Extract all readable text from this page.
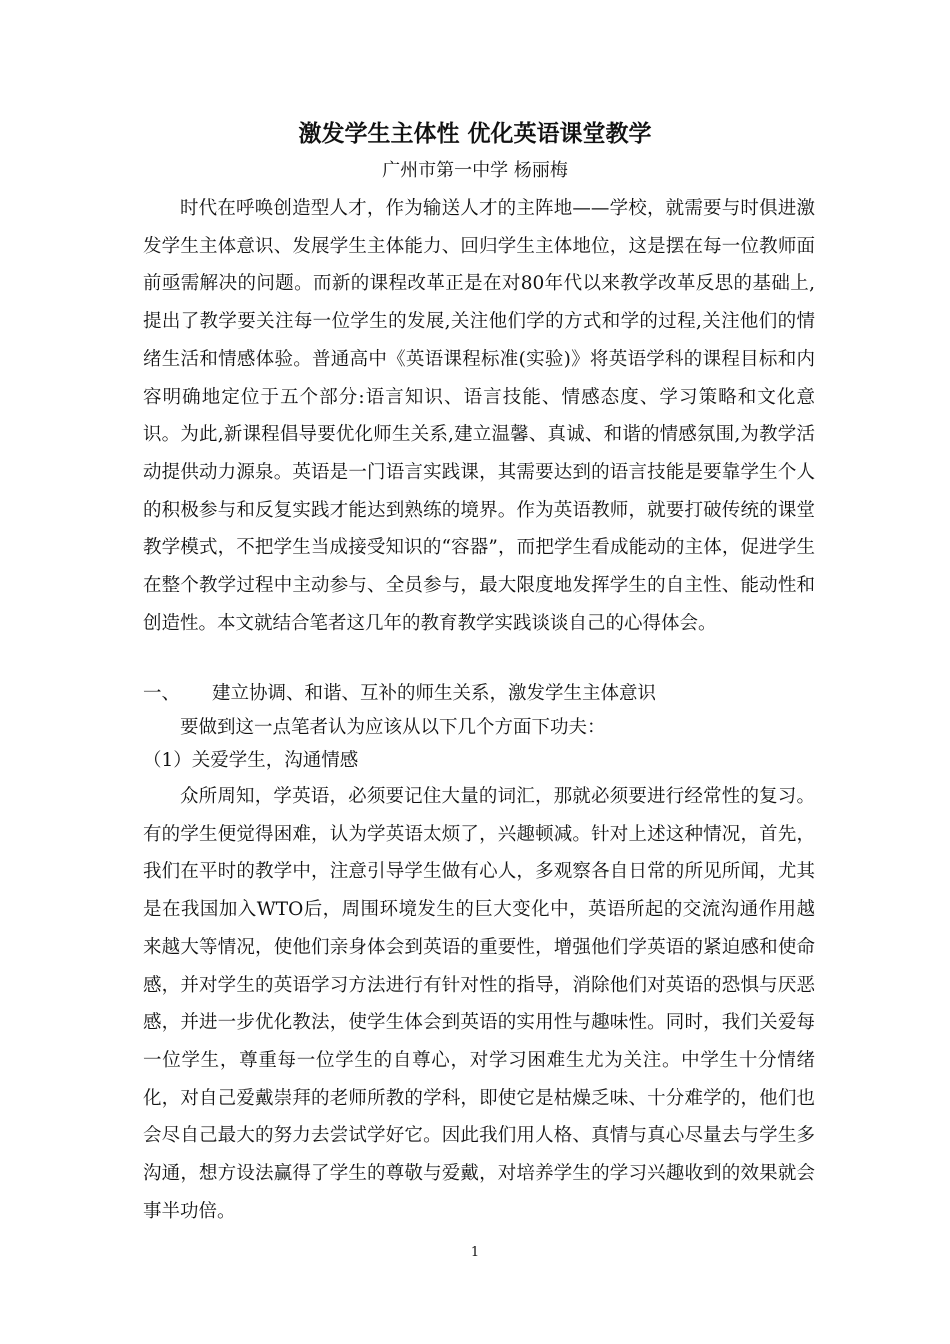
激发学生主体性 优化英语课堂教学
广州市第一中学 杨丽梅

时代在呼唤创造型人才，作为输送人才的主阵地——学校，就需要与时俱进激发学生主体意识、发展学生主体能力、回归学生主体地位，这是摆在每一位教师面前亟需解决的问题。而新的课程改革正是在对80年代以来教学改革反思的基础上,提出了教学要关注每一位学生的发展,关注他们学的方式和学的过程,关注他们的情绪生活和情感体验。普通高中《英语课程标准(实验)》将英语学科的课程目标和内容明确地定位于五个部分:语言知识、语言技能、情感态度、学习策略和文化意识。为此,新课程倡导要优化师生关系,建立温馨、真诚、和谐的情感氛围,为教学活动提供动力源泉。英语是一门语言实践课，其需要达到的语言技能是要靠学生个人的积极参与和反复实践才能达到熟练的境界。作为英语教师，就要打破传统的课堂教学模式，不把学生当成接受知识的“容器”，而把学生看成能动的主体，促进学生在整个教学过程中主动参与、全员参与，最大限度地发挥学生的自主性、能动性和创造性。本文就结合笔者这几年的教育教学实践谈谈自己的心得体会。

一、 建立协调、和谐、互补的师生关系，激发学生主体意识
要做到这一点笔者认为应该从以下几个方面下功夫：
（1）关爱学生，沟通情感

众所周知，学英语，必须要记住大量的词汇，那就必须要进行经常性的复习。有的学生便觉得困难，认为学英语太烦了，兴趣顿减。针对上述这种情况，首先，我们在平时的教学中，注意引导学生做有心人，多观察各自日常的所见所闻，尤其是在我国加入WTO后，周围环境发生的巨大变化中，英语所起的交流沟通作用越来越大等情况，使他们亲身体会到英语的重要性，增强他们学英语的紧迫感和使命感，并对学生的英语学习方法进行有针对性的指导，消除他们对英语的恐惧与厌恶感，并进一步优化教法，使学生体会到英语的实用性与趣味性。同时，我们关爱每一位学生，尊重每一位学生的自尊心，对学习困难生尤为关注。中学生十分情绪化，对自己爱戴崇拜的老师所教的学科，即使它是枯燥乏味、十分难学的，他们也会尽自己最大的努力去尝试学好它。因此我们用人格、真情与真心尽量去与学生多沟通，想方设法赢得了学生的尊敬与爱戴，对培养学生的学习兴趣收到的效果就会事半功倍。

1
